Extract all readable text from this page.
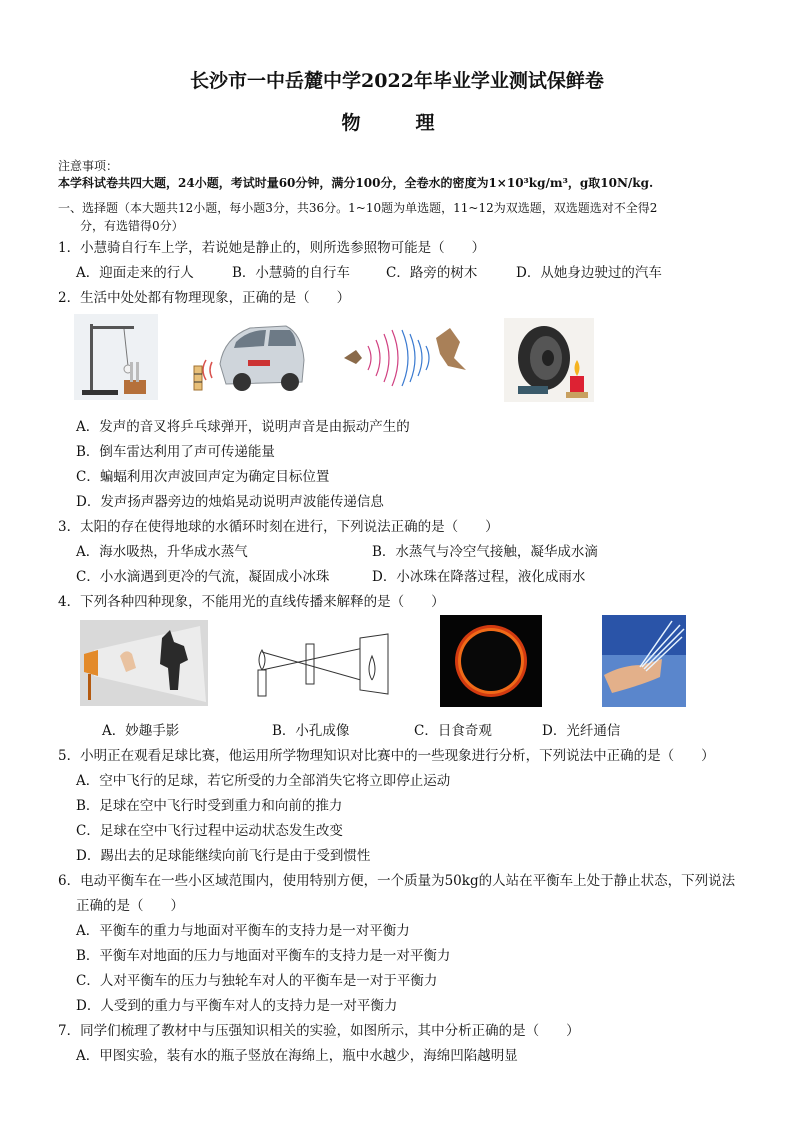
长沙市一中岳麓中学2022年毕业学业测试保鲜卷
物　理
注意事项：
本学科试卷共四大题，24小题，考试时量60分钟，满分100分，全卷水的密度为1×10³kg/m³，g取10N/kg.
一、选择题（本大题共12小题，每小题3分，共36分。1~10题为单选题，11~12为双选题，双选题选对不全得2
分，有选错得0分）
1．小慧骑自行车上学，若说她是静止的，则所选参照物可能是（　　）
A．迎面走来的行人	B．小慧骑的自行车	C．路旁的树木	D．从她身边驶过的汽车
2．生活中处处都有物理现象，正确的是（　　）
A．发声的音叉将乒乓球弹开，说明声音是由振动产生的
B．倒车雷达利用了声可传递能量
C．蝙蝠利用次声波回声定为确定目标位置
D．发声扬声器旁边的烛焰晃动说明声波能传递信息
3．太阳的存在使得地球的水循环时刻在进行，下列说法正确的是（　　）
A．海水吸热，升华成水蒸气	B．水蒸气与冷空气接触，凝华成水滴
C．小水滴遇到更冷的气流，凝固成小冰珠	D．小冰珠在降落过程，液化成雨水
4．下列各种四种现象，不能用光的直线传播来解释的是（　　）
A．妙趣手影	B．小孔成像	C．日食奇观	D．光纤通信
5．小明正在观看足球比赛，他运用所学物理知识对比赛中的一些现象进行分析，下列说法中正确的是（　　）
A．空中飞行的足球，若它所受的力全部消失它将立即停止运动
B．足球在空中飞行时受到重力和向前的推力
C．足球在空中飞行过程中运动状态发生改变
D．踢出去的足球能继续向前飞行是由于受到惯性
6．电动平衡车在一些小区域范围内，使用特别方便，一个质量为50kg的人站在平衡车上处于静止状态，下列说法
正确的是（　　）
A．平衡车的重力与地面对平衡车的支持力是一对平衡力
B．平衡车对地面的压力与地面对平衡车的支持力是一对平衡力
C．人对平衡车的压力与独轮车对人的平衡车是一对于平衡力
D．人受到的重力与平衡车对人的支持力是一对平衡力
7．同学们梳理了教材中与压强知识相关的实验，如图所示，其中分析正确的是（　　）
A．甲图实验，装有水的瓶子竖放在海绵上，瓶中水越少，海绵凹陷越明显
